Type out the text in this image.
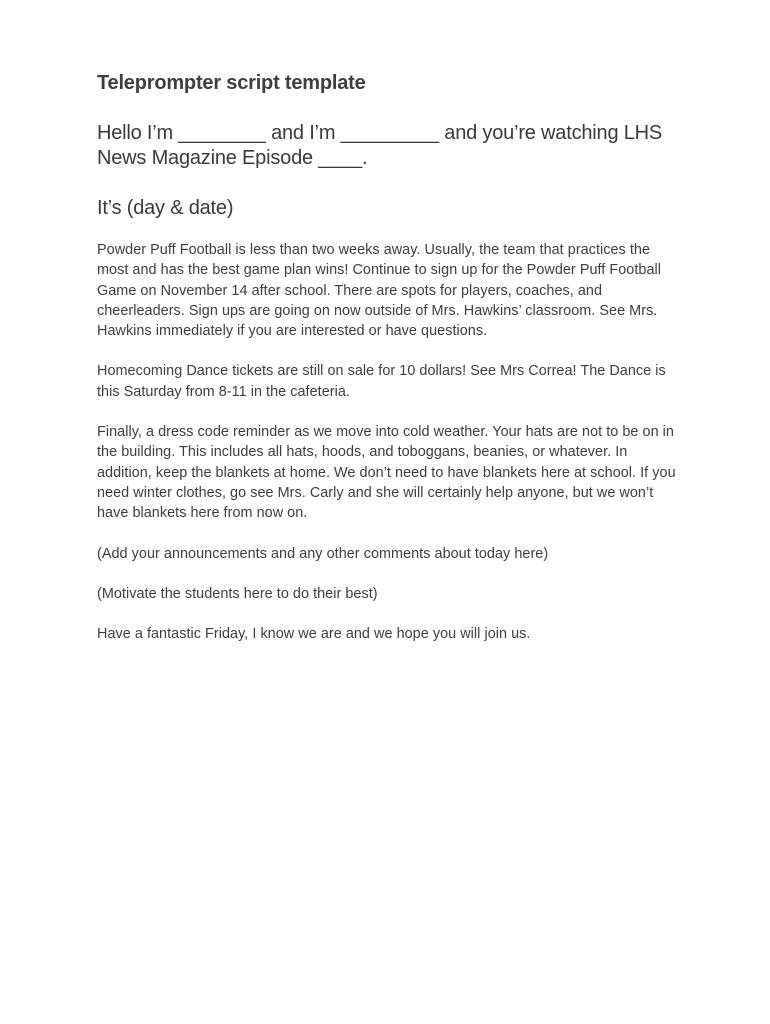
Teleprompter script template

Hello I’m ________ and I’m _________ and you’re watching LHS News Magazine Episode ____.

It’s (day & date)

Powder Puff Football is less than two weeks away. Usually, the team that practices the most and has the best game plan wins! Continue to sign up for the Powder Puff Football Game on November 14 after school. There are spots for players, coaches, and cheerleaders. Sign ups are going on now outside of Mrs. Hawkins’ classroom. See Mrs. Hawkins immediately if you are interested or have questions.

Homecoming Dance tickets are still on sale for 10 dollars! See Mrs Correa! The Dance is this Saturday from 8-11 in the cafeteria.

Finally, a dress code reminder as we move into cold weather. Your hats are not to be on in the building. This includes all hats, hoods, and toboggans, beanies, or whatever. In addition, keep the blankets at home. We don’t need to have blankets here at school. If you need winter clothes, go see Mrs. Carly and she will certainly help anyone, but we won’t have blankets here from now on.

(Add your announcements and any other comments about today here)

(Motivate the students here to do their best)

Have a fantastic Friday, I know we are and we hope you will join us.
